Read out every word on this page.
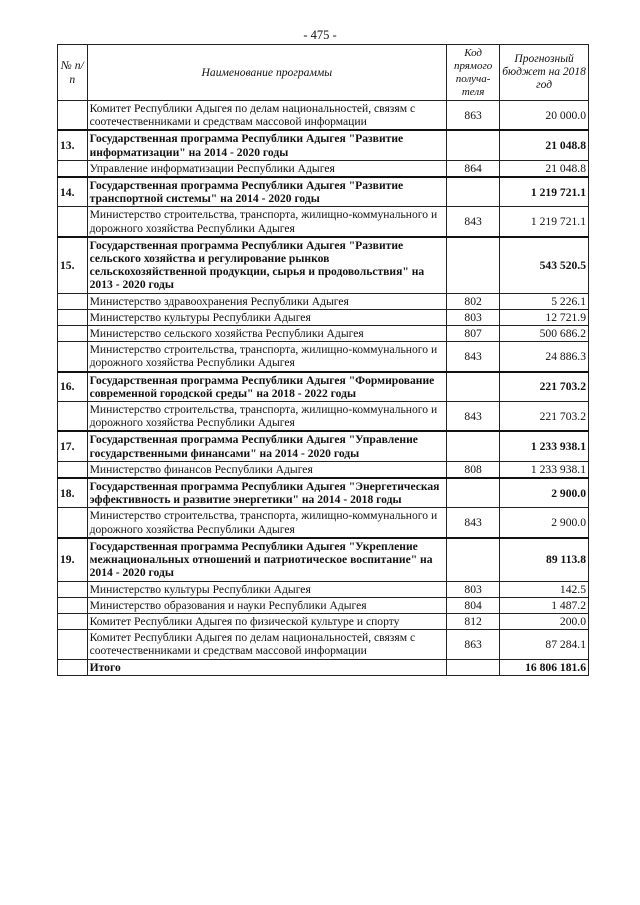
- 475 -
№ п/п	Наименование программы	Код прямого получа-теля	Прогнозный бюджет на 2018 год
	Комитет Республики Адыгея по делам национальностей, связям с соотечественниками и средствам массовой информации	863	20 000.0
13.	Государственная программа Республики Адыгея "Развитие информатизации" на 2014 - 2020 годы		21 048.8
	Управление информатизации Республики Адыгея	864	21 048.8
14.	Государственная программа Республики Адыгея "Развитие транспортной системы" на 2014 - 2020 годы		1 219 721.1
	Министерство строительства, транспорта, жилищно-коммунального и дорожного хозяйства Республики Адыгея	843	1 219 721.1
15.	Государственная программа Республики Адыгея "Развитие сельского хозяйства и регулирование рынков сельскохозяйственной продукции, сырья и продовольствия" на 2013 - 2020 годы		543 520.5
	Министерство здравоохранения Республики Адыгея	802	5 226.1
	Министерство культуры Республики Адыгея	803	12 721.9
	Министерство сельского хозяйства Республики Адыгея	807	500 686.2
	Министерство строительства, транспорта, жилищно-коммунального и дорожного хозяйства Республики Адыгея	843	24 886.3
16.	Государственная программа Республики Адыгея "Формирование современной городской среды" на 2018 - 2022 годы		221 703.2
	Министерство строительства, транспорта, жилищно-коммунального и дорожного хозяйства Республики Адыгея	843	221 703.2
17.	Государственная программа Республики Адыгея "Управление государственными финансами" на 2014 - 2020 годы		1 233 938.1
	Министерство финансов Республики Адыгея	808	1 233 938.1
18.	Государственная программа Республики Адыгея "Энергетическая эффективность и развитие энергетики" на 2014 - 2018 годы		2 900.0
	Министерство строительства, транспорта, жилищно-коммунального и дорожного хозяйства Республики Адыгея	843	2 900.0
19.	Государственная программа Республики Адыгея "Укрепление межнациональных отношений и патриотическое воспитание" на 2014 - 2020 годы		89 113.8
	Министерство культуры Республики Адыгея	803	142.5
	Министерство образования и науки Республики Адыгея	804	1 487.2
	Комитет Республики Адыгея по физической культуре и спорту	812	200.0
	Комитет Республики Адыгея по делам национальностей, связям с соотечественниками и средствам массовой информации	863	87 284.1
	Итого		16 806 181.6
